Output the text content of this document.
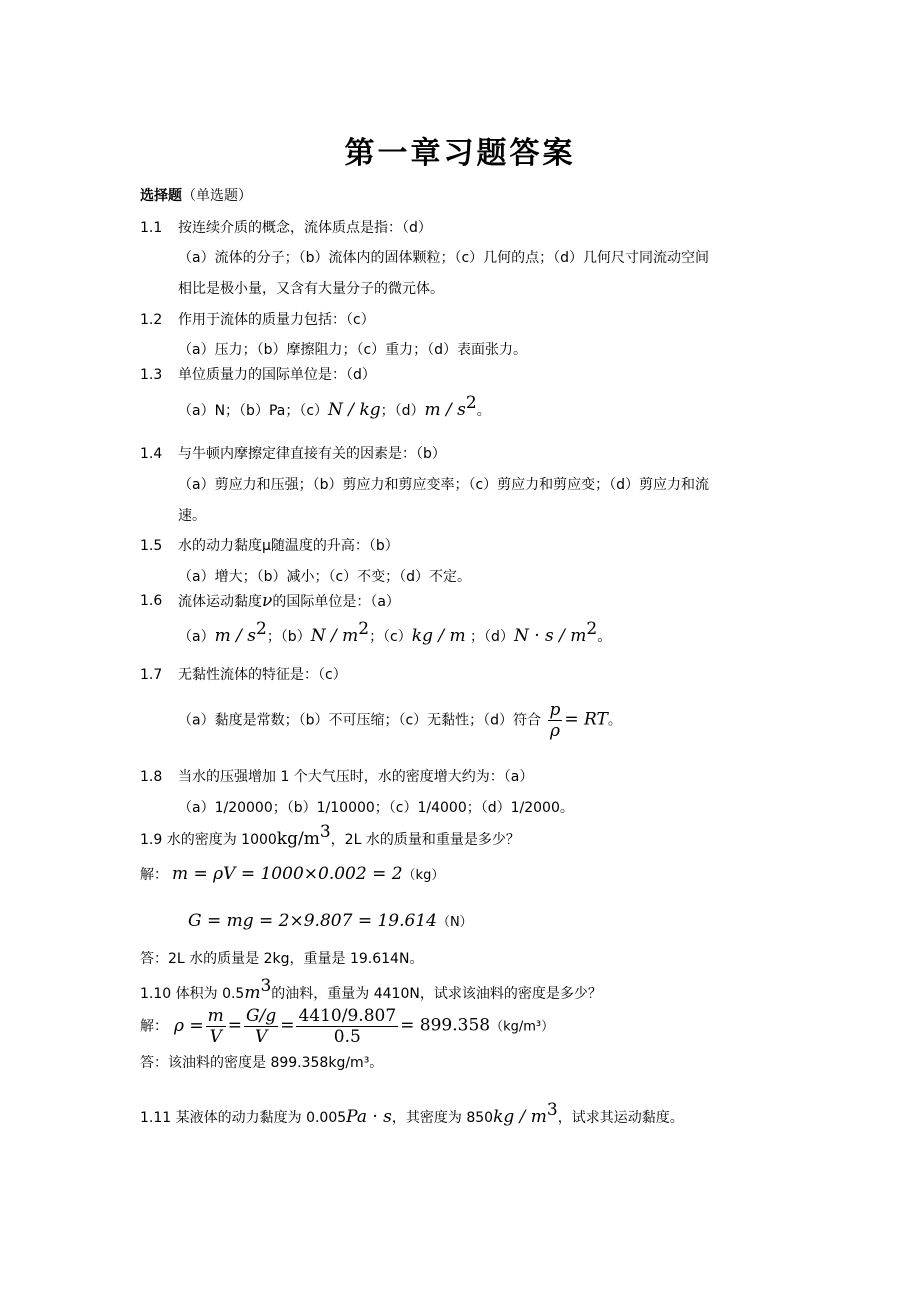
第一章习题答案
选择题（单选题）
1.1 按连续介质的概念，流体质点是指：（d）
（a）流体的分子；（b）流体内的固体颗粒；（c）几何的点；（d）几何尺寸同流动空间
相比是极小量，又含有大量分子的微元体。
1.2 作用于流体的质量力包括：（c）
（a）压力；（b）摩擦阻力；（c）重力；（d）表面张力。
1.3 单位质量力的国际单位是：（d）
（a）N；（b）Pa；（c）N / kg；$(d)m / s^2$。
1.4 与牛顿内摩擦定律直接有关的因素是：（b）
（a）剪应力和压强；（b）剪应力和剪应变率；（c）剪应力和剪应变；（d）剪应力和流
速。
1.5 水的动力黏度μ随温度的升高：（b）
（a）增大；（b）减小；（c）不变；（d）不定。
1.6 流体运动黏度ν的国际单位是：（a）
$(a)m / s^2$；$(b)N / m^2$；（c）kg / m ；$(d)N \cdot s / m^2$。
1.7 无黏性流体的特征是：（c）
（a）黏度是常数；（b）不可压缩；（c）无黏性；（d）符合 $\frac{p}{\rho}$ = RT。
1.8 当水的压强增加 1 个大气压时，水的密度增大约为：（a）
（a）1/20000；（b）1/10000；（c）1/4000；（d）1/2000。
1.9 水的密度为 $1000kg/m^3$，2L 水的质量和重量是多少？
解： m = ρV = 1000×0.002 = 2（kg）
G = mg = 2×9.807 = 19.614（N）
答：2L 水的质量是 2kg，重量是 19.614N。
1.10 体积为 $0.5m^3$的油料，重量为 4410N，试求该油料的密度是多少？
解： $\rho = \frac{m}{V} = \frac{G/g}{V} = \frac{4410/9.807}{0.5} = 899.358(kg/m^3)$
答：该油料的密度是 899.358kg/m³。
1.11 某液体的动力黏度为 0.005Pa · s，其密度为 $850kg / m^3$，试求其运动黏度。
